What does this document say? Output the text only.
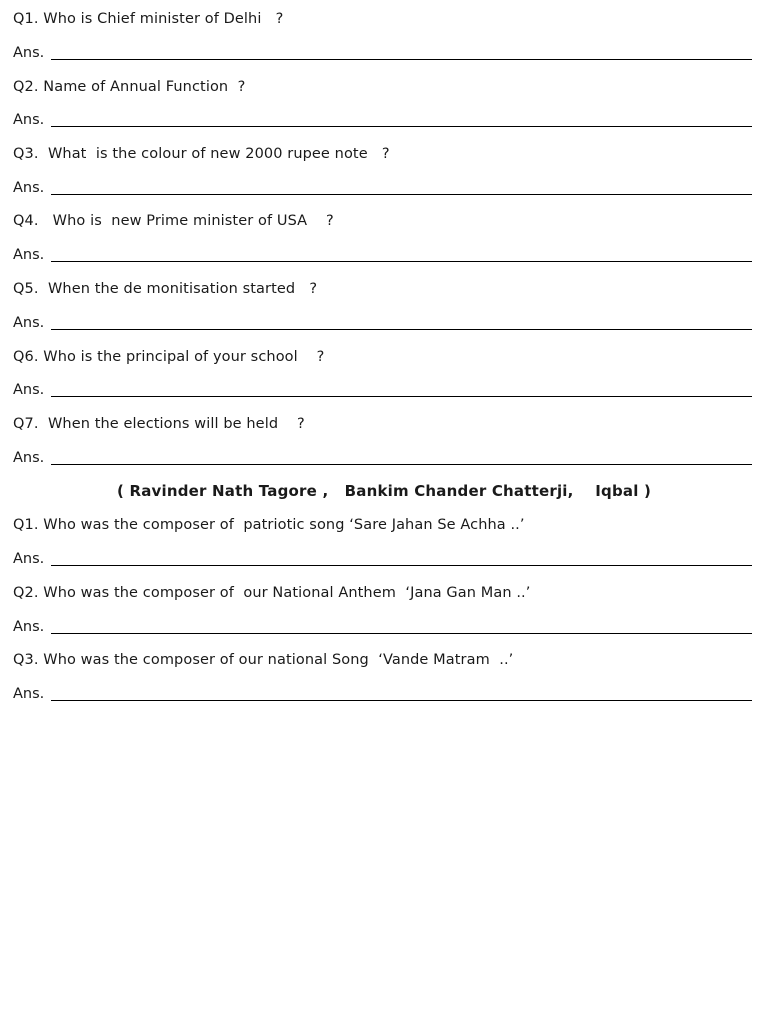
Q1. Who is Chief minister of Delhi   ?
Ans.
Q2. Name of Annual Function  ?
Ans.
Q3.  What  is the colour of new 2000 rupee note   ?
Ans.
Q4.   Who is  new Prime minister of USA    ?
Ans.
Q5.  When the de monitisation started   ?
Ans.
Q6. Who is the principal of your school    ?
Ans.
Q7.  When the elections will be held    ?
Ans.
( Ravinder Nath Tagore ,   Bankim Chander Chatterji,    Iqbal )
Q1. Who was the composer of  patriotic song ‘Sare Jahan Se Achha ..’
Ans.
Q2. Who was the composer of  our National Anthem  ‘Jana Gan Man ..’
Ans.
Q3. Who was the composer of our national Song  ‘Vande Matram  ..’
Ans.
